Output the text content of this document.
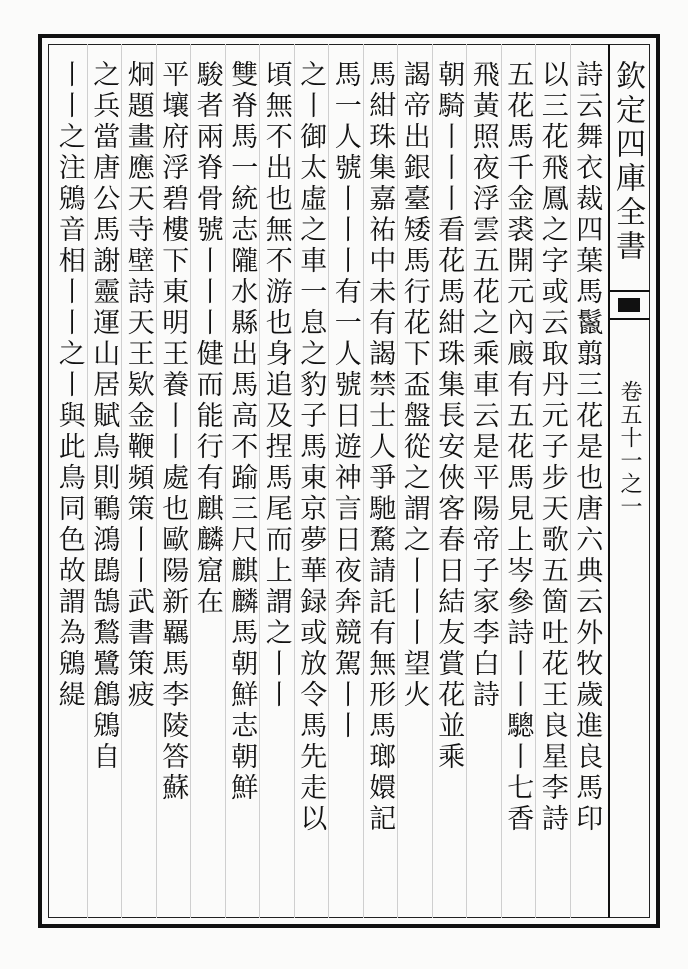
欽定四庫全書
卷五十一之一
詩云舞衣裁四葉馬鬣翦三花是也唐六典云外牧歲進良馬印
以三花飛鳳之字或云取丹元子步天歌五箇吐花王良星李詩
五花馬千金裘開元內廄有五花馬見上岑參詩丨丨驄丨七香
飛黃照夜浮雲五花之乘車云是平陽帝子家李白詩
朝騎丨丨丨看花馬紺珠集長安俠客春日結友賞花並乘
謁帝出銀臺矮馬行花下盃盤從之謂之丨丨丨望火
馬紺珠集嘉祐中未有謁禁士人爭馳騖請託有無形馬瑯嬛記
馬一人號丨丨丨有一人號日遊神言日夜奔競駕丨丨
之丨御太虛之車一息之豹子馬東京夢華録或放令馬先走以
頃無不出也無不游也身追及捏馬尾而上謂之丨丨
雙脊馬一統志隴水縣出馬高不踰三尺麒麟馬朝鮮志朝鮮
駿者兩脊骨號丨丨丨健而能行有麒麟窟在
平壤府浮碧樓下東明王養丨丨處也歐陽新羈馬李陵答蘇
炯題畫應天寺壁詩天王欵金鞭頻策丨丨武書策疲
之兵當唐公馬謝靈運山居賦鳥則鶤鴻鵾鵠鶖鷺鶬鶂自
丨丨之注鶂音相丨丨之丨與此鳥同色故謂為鶂緹
